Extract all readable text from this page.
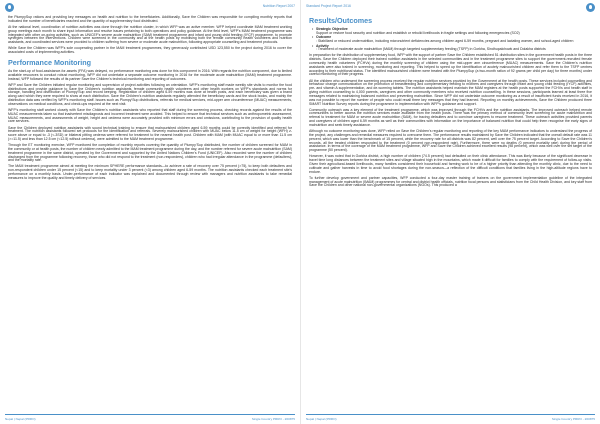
Nutrition Report 2007

the PlumpySup rations and providing key messages on health and nutrition to the beneficiaries. Additionally, Save the Children was responsible for compiling monthly reports that indicated the number of beneficiaries reached and the quantity of supplementary food distributed.

At the national level, coordination of nutrition activities was done through the nutrition cluster, in which WFP was an active member. WFP helped coordinate MAM treatment working group meetings each month to share input information and resolve issues pertaining to both operations and policy guidance. At the field level, WFP's MAM treatment programme was integrated with other on-going activities, such as UNICEF's severe acute malnutrition (SAM) treatment programme and infant and young child feeding (IYCF) programme, to promote synergies between the interventions. Children were screened in the community and at the health posts by mobilising both the female community health volunteers and nutrition assistants, and coordinated services were provided to children suffering from severe or moderate acute malnutrition, following appropriate counselling and treatment protocols.

While Save the Children was WFP's sole cooperating partner in the MAM treatment programmes, they generously contributed USD 123,550 to the project during 2016 to cover the associated costs of implementing activities.

Performance Monitoring

As the start-up of food-assistance-for-assets (FFA) was delayed, no performance monitoring was done for this component in 2016. With regards the nutrition component, due to limited available resources to conduct robust monitoring, WFP did not undertake a separate outcome monitoring in 2016 for the moderate acute malnutrition (MAM) treatment programme. Instead, WFP followed the results of its partner Save the Children's technical monitoring and reporting of outcomes.

WFP and Save the Children initiated regular monitoring and supervision of project activities following an orientation. WFP's monitoring staff made weekly site visits to monitor the food distributions and provide guidance to Save the Children's nutrition assistants, female community health volunteers and other health workers on WFP's standards and norms for storage, handling and distribution of Plumpy'Sup and record keeping. Registration of children aged 6-59 months was done at health posts, and each beneficiary was given a brand along card which they were required to show at each distribution. Save the Children's nutrition assistants regularly attended the beneficiary cards and the stock books, and mainly the distribution data was verified by WFP's monitoring staff. Issues such as Plumpy'Sup distributions, referrals for medical services, mid-upper arm circumference (MUAC) measurements, observations on medical conditions, and check-ups required at the next visit.

WFP's monitoring staff worked closely with Save the Children's nutrition assistants who reported that staff during the screening process, checking records against the results of the MUAC measurements taken so that inadvertent misdiagnosis and incorrect treatment were avoided. This helped to ensure that technical services such as anthropometric assessment, MUAC measurements, and assessments of weight, height and oedema were accurately provided with minimum errors and omissions, contributing to the provision of quality health care services.

Save the Children deployed nutrition assistants with sound technical training to ensure that malnourished children aged 6-59 months could be correctly identified and referred for treatment. The nutrition assistants followed set protocols for the identification and referrals. Severely malnourished children with MUAC below 11.5 cm or weight for height (WFH) z-score above or equal to -3 (<-3SD) or bilateral pitting oedema were referred for treatment to the nearest health post. Children with MAM (with MUAC equal to or more than 11.5 cm (>=11.5) and less than 12.5 cm (<12.5) without oedema), were admitted to the MAM treatment programme.

Through the ET monitoring exercise, WFP monitored the completion of monthly reports covering the quantity of Plumpy'Sup distributed, the number of children screened for MAM in the community or at health posts, the number of children newly admitted to the MAM treatment programme during the day, and the number referred for severe acute malnutrition (SAM) treatment programme in the same district, operated by the Government and supported by the United Nations Children's Fund (UNICEF). Also recorded were the number of children discharged from the programme following recovery, those who did not respond to the treatment (non-responders), children who had irregular attendance in the programme (defaulters), and the mortality rate.

The MAM treatment programme aimed at meeting the minimum SPHERE performance standards—to achieve a rate of recovery over 75 percent (>75), to keep both defaulters and non-respondent children under 15 percent (<15) and to keep mortality under 3 percent (<3) among children aged 6-59 months. The nutrition assistants checked each treatment site's performance on a monthly basis. Under-performance of each indicator was explained and documented through review with managers and nutrition assistants to take remedial measures to improve the quality and timely delivery of services.

Nepal | Nepal (PRRO)	Single Country PRRO - 200875
Standard Project Report 2016
Results/Outcomes
• Strategic Objective
Support or restore food security and nutrition and establish or rebuild livelihoods in fragile settings and following emergencies (SO2)
• Outcome
: Stabilized or reduced undernutrition, including micronutrient deficiencies among children aged 6-59 months, pregnant and lactating women, and school-aged children
• Activity
: Treatment of moderate acute malnutrition (MAM) through targeted supplementary feeding (TSFP) in Gorkha, Sindhupalchowk and Dolakha districts

In preparation for the distribution of supplementary food, WFP with the support of partner Save the Children established 51 distribution sites in the government health posts in the three districts. Save the Children deployed their trained nutrition assistants in the selected communities and in the treatment programme sites to support the government-recruited female community health volunteers (FCHVs) during the monthly screening of children using the mid-upper arm circumference (MUAC) measurements. Save the Children's nutrition assistants were also trained in screening, monitoring and reporting. This helped to speed up the identification of acutely malnourished children and refer them to the TSFP centres according to their nutritional status. The identified malnourished children were treated with the PlumpySup (a two-month ration of 92 grams per child per day) for three months) under careful monitoring of their progress.

All the children who underwent the screening process received the regular nutrition services provided by the Government at the health posts. These services included counselling and behaviour change communication on the promotion of breastfeeding and complementary feeding to mothers and caregivers through infant and young child feeding (IYCF) activities, pre- and vitamin A supplementation, and de-worming tablets. The nutrition assistants helped maintain the MAM registers at the health posts supported the FCHVs and health staff in giving nutrition counselling to 4,000 parents, caregivers and other community members who received nutrition counselling. In these sessions, participants learned at least three five messages related to maintaining balanced nutrition and preventing malnutrition. Since WFP did not undertake outcome monitoring as a result of insufficient funds received in 2016, it was not possible to report the number of people who could recall three key messages that they had learned. Reporting on monthly achievements, Save the Children produced three SMART Nutrition Survey reports during the programme in implementation with WFP's guidance and support.

Community outreach was a key element of the treatment programme, which was improved through the FCHVs and the nutrition assistants. The improved outreach helped remote communities to better access the nutrition services made available from the health posts. There was the primary method of community level screening for acute malnutrition and referral to treatment for MAM or severe acute malnutrition (SAM), for tracing defaulters and to convince caregivers to resume treatment. These outreach activities provided parents and caregivers of children aged 6-59 months as well as their communities with information on the importance of balanced nutrition that could help them recognise the early signs of malnutrition and seek timely assistance.

Although no outcome monitoring was done, WFP relied on Save the Children's regular monitoring and reporting of the key MAM performance indicators to understand the progress of the project, any challenges and remedial measures required to overcome them. The performance results maintained by Save the Children indicated that the overall default rate was 11 percent, which was lower than the benchmark of 15 percent, while the recovery rate for all districts was 82 percent, well over the 75 percent target. According to Save the Children's records, all the treated children responded to the treatment (0 percent non-respondent rate). Furthermore, there were no deaths (0 percent mortality rate) during the period of assistance. In terms of the coverage of the MAM treatment programme, WFP and Save the Children achieved excellent results (98 percent), which was well over the set target of the programme (50 percent).

However, it was noted that in Gorkha district, a high number of children (74.5 percent) had defaulted on their clinic attendance. This was likely because of the significant decrease in travel time long distances between the treatment sites and village situated high in the mountains, which made it difficult for families to comply with the requirement of follow-up visits. Given their agricultural-based livelihoods, many families considered their household and farming work to be of a higher priority than attending the monthly clinic, due to the need to cultivate and gather harvests in time to avoid food shortages during the non-season—a reflection of the difficult conditions that families living in the high-altitude regions have to endure.

To further develop government and partner capacities, WFP conducted a four-day master training of trainers on the government implementation guideline of the integrated management of acute malnutrition (IMAM) programmes for central and district health officials, nutrition focal persons and statisticians from the Child Health Division, and key staff from Save the Children and other national non-governmental organizations (NGOs). This produced a

Nepal | Nepal (PRRO)	Single Country PRRO - 200875
